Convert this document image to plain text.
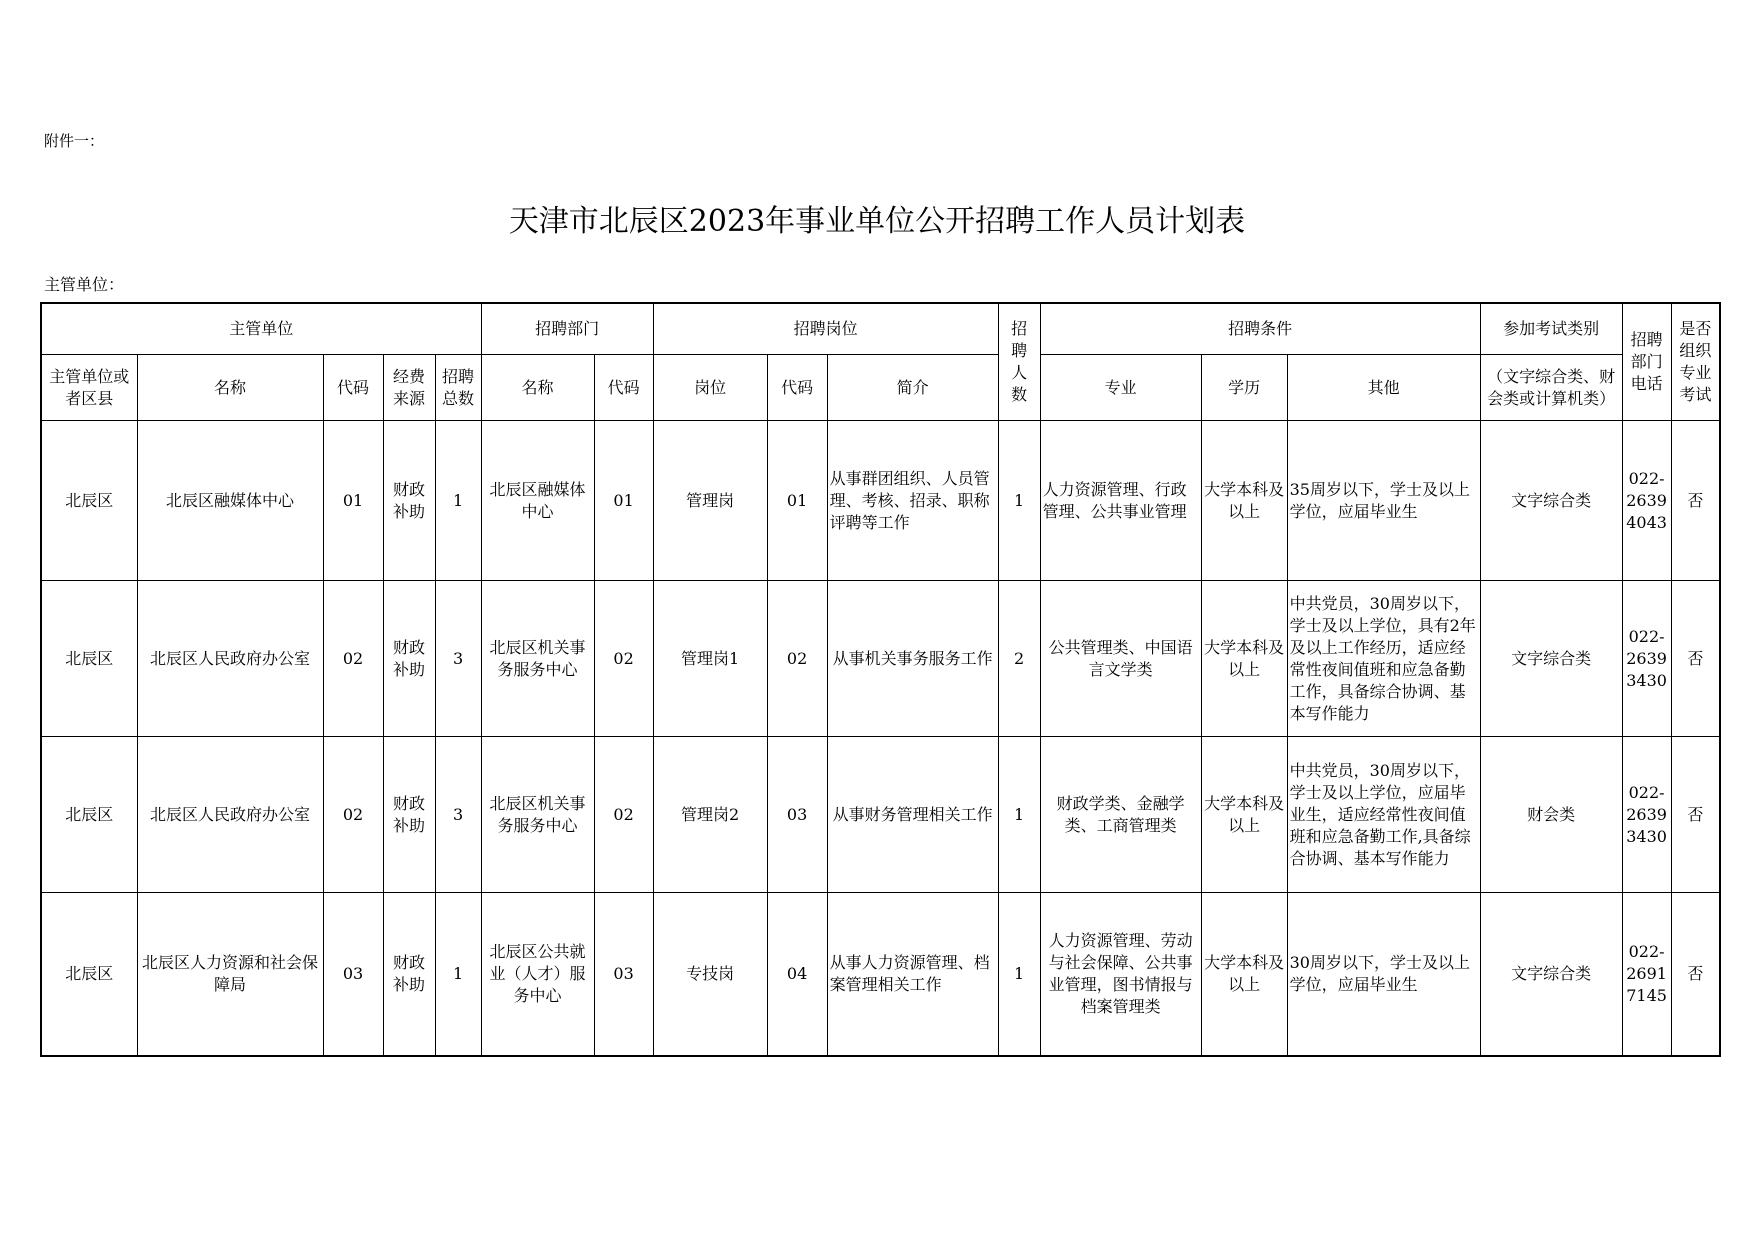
附件一：
天津市北辰区2023年事业单位公开招聘工作人员计划表
主管单位：
主管单位					招聘部门		招聘岗位			招聘人数	招聘条件			参加考试类别	招聘部门电话	是否组织专业考试
主管单位或者区县	名称	代码	经费来源	招聘总数	名称	代码	岗位	代码	简介		专业	学历	其他	（文字综合类、财会类或计算机类）		
北辰区	北辰区融媒体中心	01	财政补助	1	北辰区融媒体中心	01	管理岗	01	从事群团组织、人员管理、考核、招录、职称评聘等工作	1	人力资源管理、行政管理、公共事业管理	大学本科及以上	35周岁以下，学士及以上学位，应届毕业生	文字综合类	022-26394043	否
北辰区	北辰区人民政府办公室	02	财政补助	3	北辰区机关事务服务中心	02	管理岗1	02	从事机关事务服务工作	2	公共管理类、中国语言文学类	大学本科及以上	中共党员，30周岁以下，学士及以上学位，具有2年及以上工作经历，适应经常性夜间值班和应急备勤工作，具备综合协调、基本写作能力	文字综合类	022-26393430	否
北辰区	北辰区人民政府办公室	02	财政补助	3	北辰区机关事务服务中心	02	管理岗2	03	从事财务管理相关工作	1	财政学类、金融学类、工商管理类	大学本科及以上	中共党员，30周岁以下，学士及以上学位，应届毕业生，适应经常性夜间值班和应急备勤工作,具备综合协调、基本写作能力	财会类	022-26393430	否
北辰区	北辰区人力资源和社会保障局	03	财政补助	1	北辰区公共就业（人才）服务中心	03	专技岗	04	从事人力资源管理、档案管理相关工作	1	人力资源管理、劳动与社会保障、公共事业管理，图书情报与档案管理类	大学本科及以上	30周岁以下，学士及以上学位，应届毕业生	文字综合类	022-26917145	否
